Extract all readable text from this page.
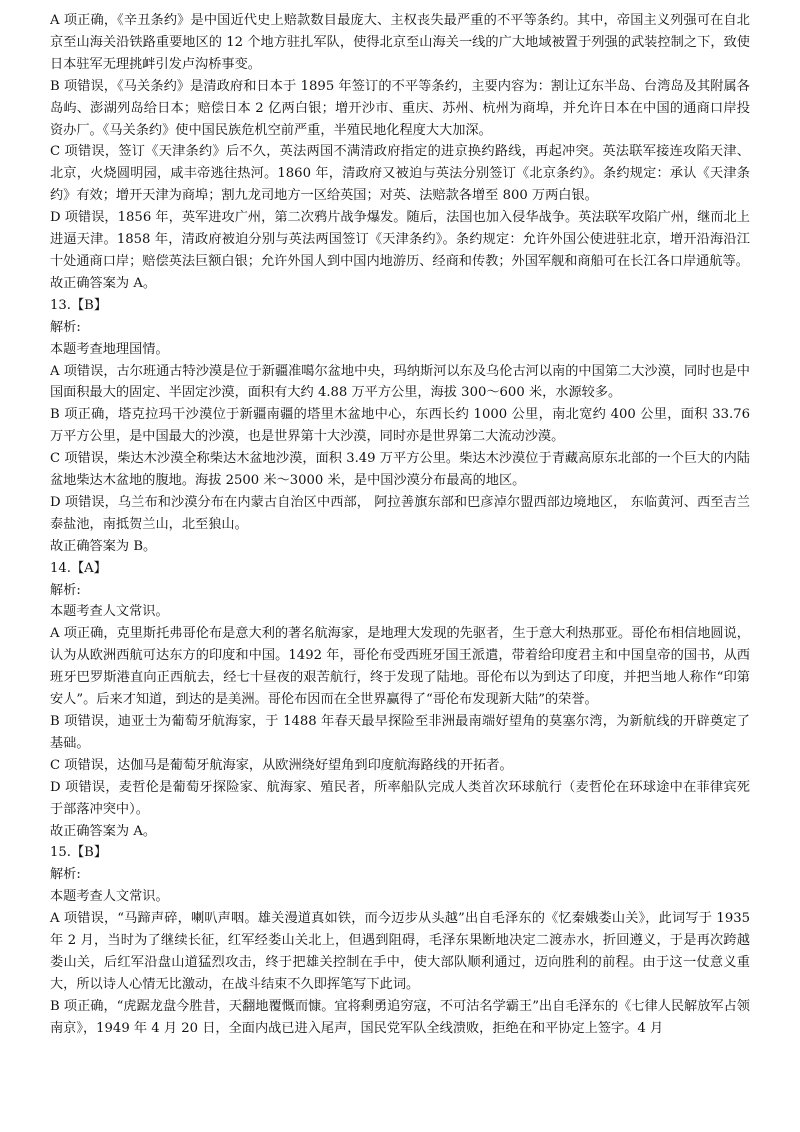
A 项正确，《辛丑条约》是中国近代史上赔款数目最庞大、主权丧失最严重的不平等条约。其中，帝国主义列强可在自北京至山海关沿铁路重要地区的 12 个地方驻扎军队，使得北京至山海关一线的广大地域被置于列强的武装控制之下，致使日本驻军无理挑衅引发卢沟桥事变。

B 项错误，《马关条约》是清政府和日本于 1895 年签订的不平等条约，主要内容为：割让辽东半岛、台湾岛及其附属各岛屿、澎湖列岛给日本；赔偿日本 2 亿两白银；增开沙市、重庆、苏州、杭州为商埠，并允许日本在中国的通商口岸投资办厂。《马关条约》使中国民族危机空前严重，半殖民地化程度大大加深。

C 项错误，签订《天津条约》后不久，英法两国不满清政府指定的进京换约路线，再起冲突。英法联军接连攻陷天津、北京，火烧圆明园，咸丰帝逃往热河。1860 年，清政府又被迫与英法分别签订《北京条约》。条约规定：承认《天津条约》有效；增开天津为商埠；割九龙司地方一区给英国；对英、法赔款各增至 800 万两白银。

D 项错误，1856 年，英军进攻广州，第二次鸦片战争爆发。随后，法国也加入侵华战争。英法联军攻陷广州，继而北上进逼天津。1858 年，清政府被迫分别与英法两国签订《天津条约》。条约规定：允许外国公使进驻北京，增开沿海沿江十处通商口岸；赔偿英法巨额白银；允许外国人到中国内地游历、经商和传教；外国军舰和商船可在长江各口岸通航等。

故正确答案为 A。

13.【B】

解析:

本题考查地理国情。

A 项错误，古尔班通古特沙漠是位于新疆准噶尔盆地中央，玛纳斯河以东及乌伦古河以南的中国第二大沙漠，同时也是中国面积最大的固定、半固定沙漠，面积有大约 4.88 万平方公里，海拔 300～600 米，水源较多。

B 项正确，塔克拉玛干沙漠位于新疆南疆的塔里木盆地中心，东西长约 1000 公里，南北宽约 400 公里，面积 33.76 万平方公里，是中国最大的沙漠，也是世界第十大沙漠，同时亦是世界第二大流动沙漠。

C 项错误，柴达木沙漠全称柴达木盆地沙漠，面积 3.49 万平方公里。柴达木沙漠位于青藏高原东北部的一个巨大的内陆盆地柴达木盆地的腹地。海拔 2500 米～3000 米，是中国沙漠分布最高的地区。

D 项错误，乌兰布和沙漠分布在内蒙古自治区中西部， 阿拉善旗东部和巴彦淖尔盟西部边境地区， 东临黄河、西至吉兰泰盐池，南抵贺兰山，北至狼山。

故正确答案为 B。

14.【A】

解析:

本题考查人文常识。

A 项正确，克里斯托弗哥伦布是意大利的著名航海家，是地理大发现的先驱者，生于意大利热那亚。哥伦布相信地圆说，认为从欧洲西航可达东方的印度和中国。1492 年，哥伦布受西班牙国王派遣，带着给印度君主和中国皇帝的国书，从西班牙巴罗斯港直向正西航去，经七十昼夜的艰苦航行，终于发现了陆地。哥伦布以为到达了印度，并把当地人称作“印第安人”。后来才知道，到达的是美洲。哥伦布因而在全世界赢得了“哥伦布发现新大陆”的荣誉。

B 项错误，迪亚士为葡萄牙航海家，于 1488 年春天最早探险至非洲最南端好望角的莫塞尔湾，为新航线的开辟奠定了基础。

C 项错误，达伽马是葡萄牙航海家，从欧洲绕好望角到印度航海路线的开拓者。

D 项错误，麦哲伦是葡萄牙探险家、航海家、殖民者，所率船队完成人类首次环球航行（麦哲伦在环球途中在菲律宾死于部落冲突中）。

故正确答案为 A。

15.【B】

解析:

本题考查人文常识。

A 项错误，“马蹄声碎，喇叭声咽。雄关漫道真如铁，而今迈步从头越”出自毛泽东的《忆秦娥娄山关》，此词写于 1935 年 2 月，当时为了继续长征，红军经娄山关北上，但遇到阻碍，毛泽东果断地决定二渡赤水，折回遵义，于是再次跨越娄山关，后红军沿盘山道猛烈攻击，终于把雄关控制在手中，使大部队顺利通过，迈向胜利的前程。由于这一仗意义重大，所以诗人心情无比激动，在战斗结束不久即挥笔写下此词。

B 项正确，“虎踞龙盘今胜昔，天翻地覆慨而慷。宜将剩勇追穷寇，不可沽名学霸王”出自毛泽东的《七律人民解放军占领南京》，1949 年 4 月 20 日，全面内战已进入尾声，国民党军队全线溃败，拒绝在和平协定上签字。4 月
